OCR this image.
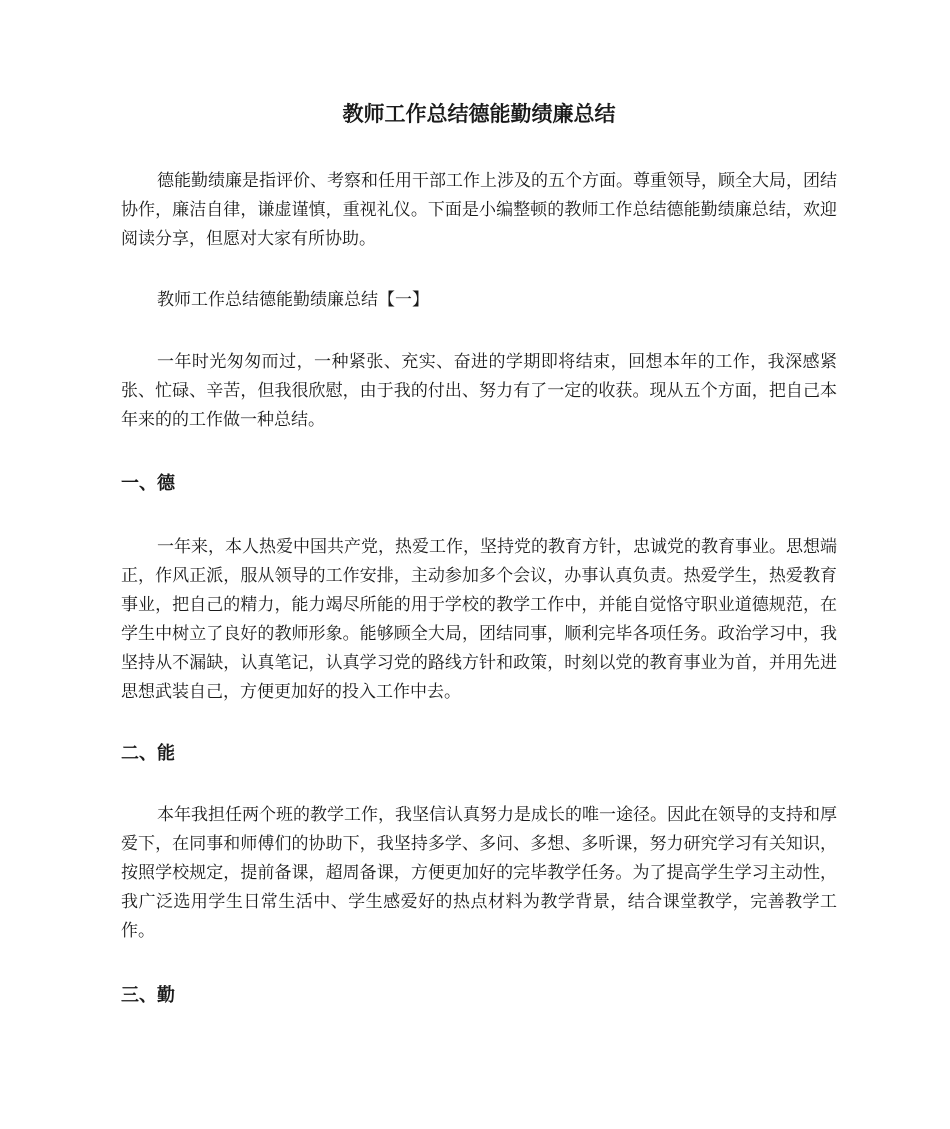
教师工作总结德能勤绩廉总结

德能勤绩廉是指评价、考察和任用干部工作上涉及的五个方面。尊重领导，顾全大局，团结协作，廉洁自律，谦虚谨慎，重视礼仪。下面是小编整顿的教师工作总结德能勤绩廉总结，欢迎阅读分享，但愿对大家有所协助。

教师工作总结德能勤绩廉总结【一】

一年时光匆匆而过，一种紧张、充实、奋进的学期即将结束，回想本年的工作，我深感紧张、忙碌、辛苦，但我很欣慰，由于我的付出、努力有了一定的收获。现从五个方面，把自己本年来的的工作做一种总结。

一、德

一年来，本人热爱中国共产党，热爱工作，坚持党的教育方针，忠诚党的教育事业。思想端正，作风正派，服从领导的工作安排，主动参加多个会议，办事认真负责。热爱学生，热爱教育事业，把自己的精力，能力竭尽所能的用于学校的教学工作中，并能自觉恪守职业道德规范，在学生中树立了良好的教师形象。能够顾全大局，团结同事，顺利完毕各项任务。政治学习中，我坚持从不漏缺，认真笔记，认真学习党的路线方针和政策，时刻以党的教育事业为首，并用先进思想武装自己，方便更加好的投入工作中去。

二、能

本年我担任两个班的教学工作，我坚信认真努力是成长的唯一途径。因此在领导的支持和厚爱下，在同事和师傅们的协助下，我坚持多学、多问、多想、多听课，努力研究学习有关知识，按照学校规定，提前备课，超周备课，方便更加好的完毕教学任务。为了提高学生学习主动性，我广泛选用学生日常生活中、学生感爱好的热点材料为教学背景，结合课堂教学，完善教学工作。

三、勤
